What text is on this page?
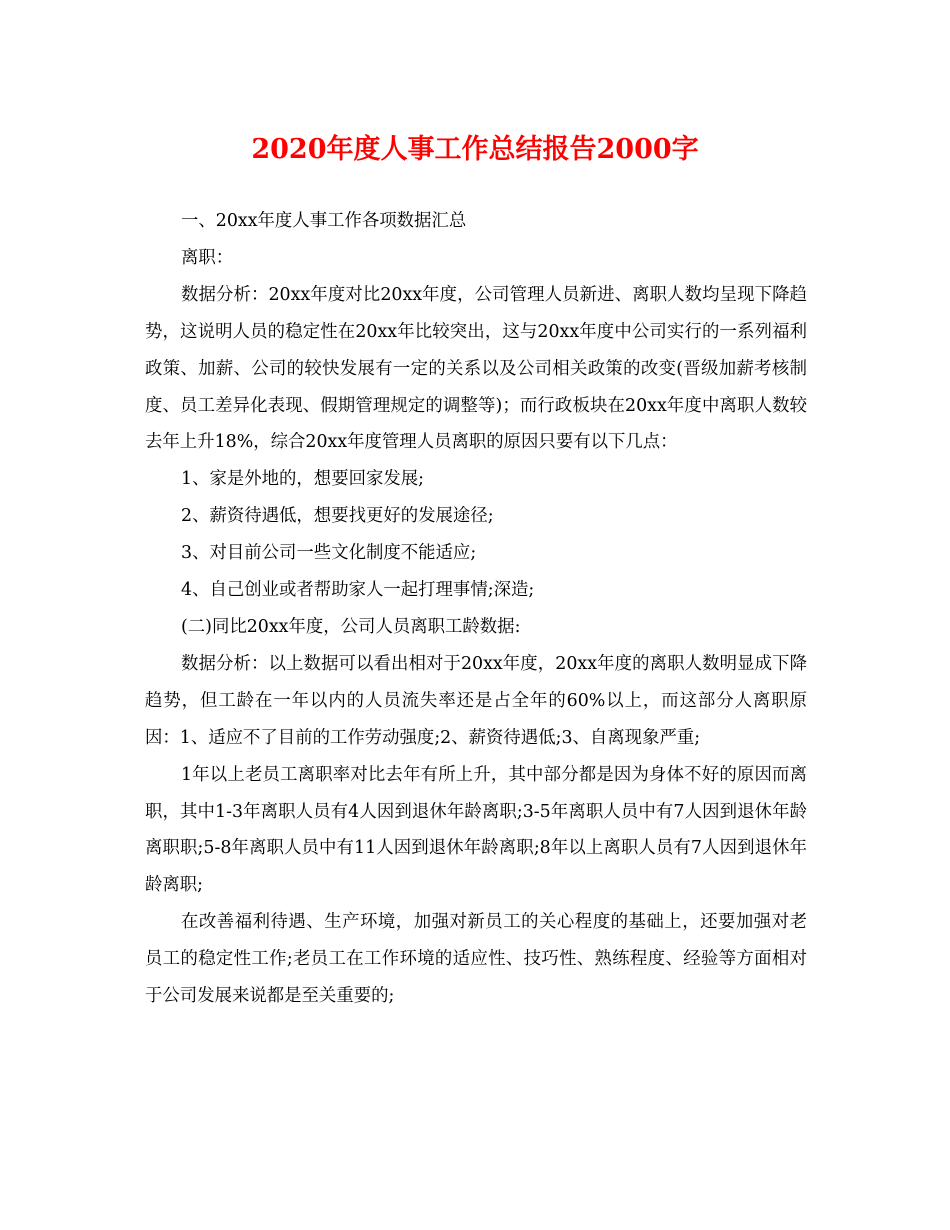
2020年度人事工作总结报告2000字

一、20xx年度人事工作各项数据汇总

离职：

数据分析：20xx年度对比20xx年度，公司管理人员新进、离职人数均呈现下降趋势，这说明人员的稳定性在20xx年比较突出，这与20xx年度中公司实行的一系列福利政策、加薪、公司的较快发展有一定的关系以及公司相关政策的改变(晋级加薪考核制度、员工差异化表现、假期管理规定的调整等)；而行政板块在20xx年度中离职人数较去年上升18%，综合20xx年度管理人员离职的原因只要有以下几点：

1、家是外地的，想要回家发展;

2、薪资待遇低，想要找更好的发展途径;

3、对目前公司一些文化制度不能适应;

4、自己创业或者帮助家人一起打理事情;深造;

(二)同比20xx年度，公司人员离职工龄数据:

数据分析：以上数据可以看出相对于20xx年度，20xx年度的离职人数明显成下降趋势，但工龄在一年以内的人员流失率还是占全年的60%以上，而这部分人离职原因：1、适应不了目前的工作劳动强度;2、薪资待遇低;3、自离现象严重;

1年以上老员工离职率对比去年有所上升，其中部分都是因为身体不好的原因而离职，其中1-3年离职人员有4人因到退休年龄离职;3-5年离职人员中有7人因到退休年龄离职职;5-8年离职人员中有11人因到退休年龄离职;8年以上离职人员有7人因到退休年龄离职;

在改善福利待遇、生产环境，加强对新员工的关心程度的基础上，还要加强对老员工的稳定性工作;老员工在工作环境的适应性、技巧性、熟练程度、经验等方面相对于公司发展来说都是至关重要的;
